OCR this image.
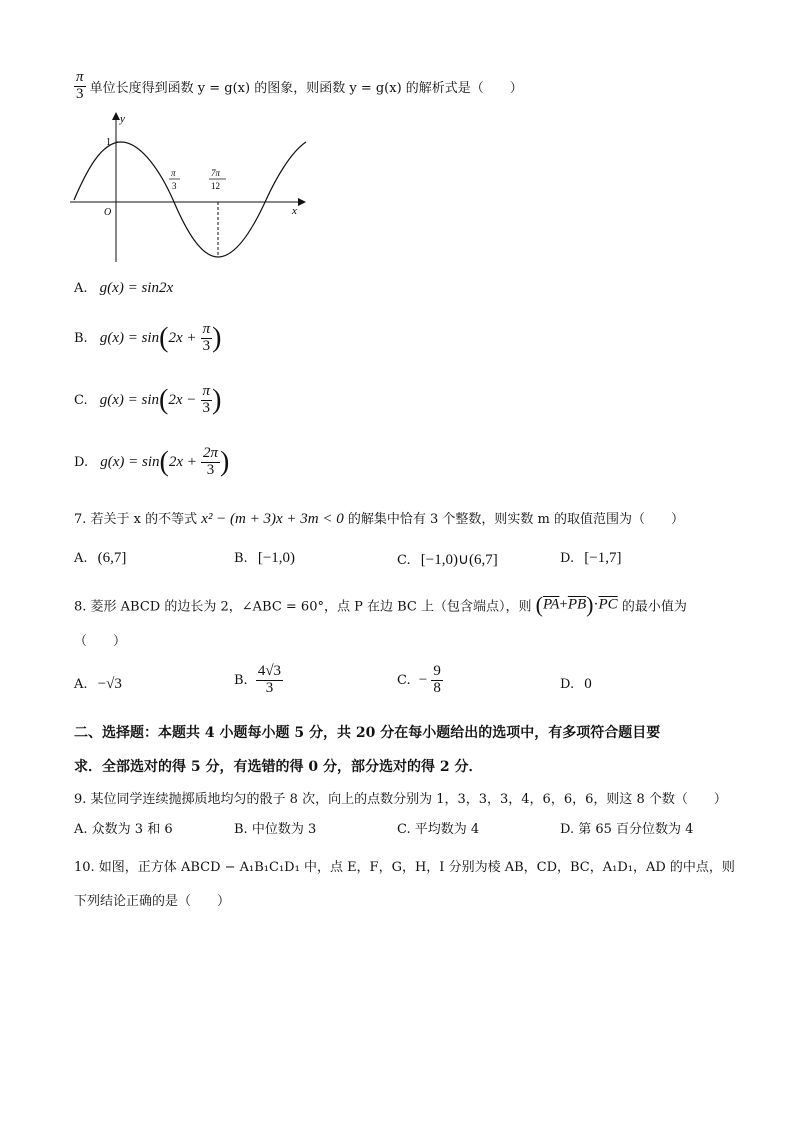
$\frac{\pi}{3}$ 单位长度得到函数 y = g(x) 的图象，则函数 y = g(x) 的解析式是（　　）
y
x
O
1
π
3
7π
12
A. g(x) = sin2x
B. $g(x) = \sin(2x + \frac{\pi}{3}$ )
C. $g(x) = \sin(2x - \frac{\pi}{3}$ )
D. $g(x) = \sin(2x + \frac{2\pi}{3}$ )
7. 若关于 x 的不等式 x² − (m + 3)x + 3m < 0 的解集中恰有 3 个整数，则实数 m 的取值范围为（　　）
A. (6,7]	B. [−1,0)	C. [−1,0)∪(6,7]	D. [−1,7]
8. 菱形 ABCD 的边长为 2，∠ABC = 60°，点 P 在边 BC 上（包含端点），则 $(\overline{PA}+\overline{PB})\cdot\overline{PC}$ 的最小值为
（　　）
A. −√3	B. $\frac{4√3}{3}$	C. − $\frac{9}{8}$	D. 0
二、选择题：本题共 4 小题每小题 5 分，共 20 分在每小题给出的选项中，有多项符合题目要
求．全部选对的得 5 分，有选错的得 0 分，部分选对的得 2 分．
9. 某位同学连续抛掷质地均匀的骰子 8 次，向上的点数分别为 1，3，3，3，4，6，6，6，则这 8 个数（　　）
A. 众数为 3 和 6	B. 中位数为 3	C. 平均数为 4	D. 第 65 百分位数为 4
10. 如图，正方体 ABCD − A₁B₁C₁D₁ 中，点 E，F，G，H，I 分别为棱 AB，CD，BC，A₁D₁，AD 的中点，则
下列结论正确的是（　　）
